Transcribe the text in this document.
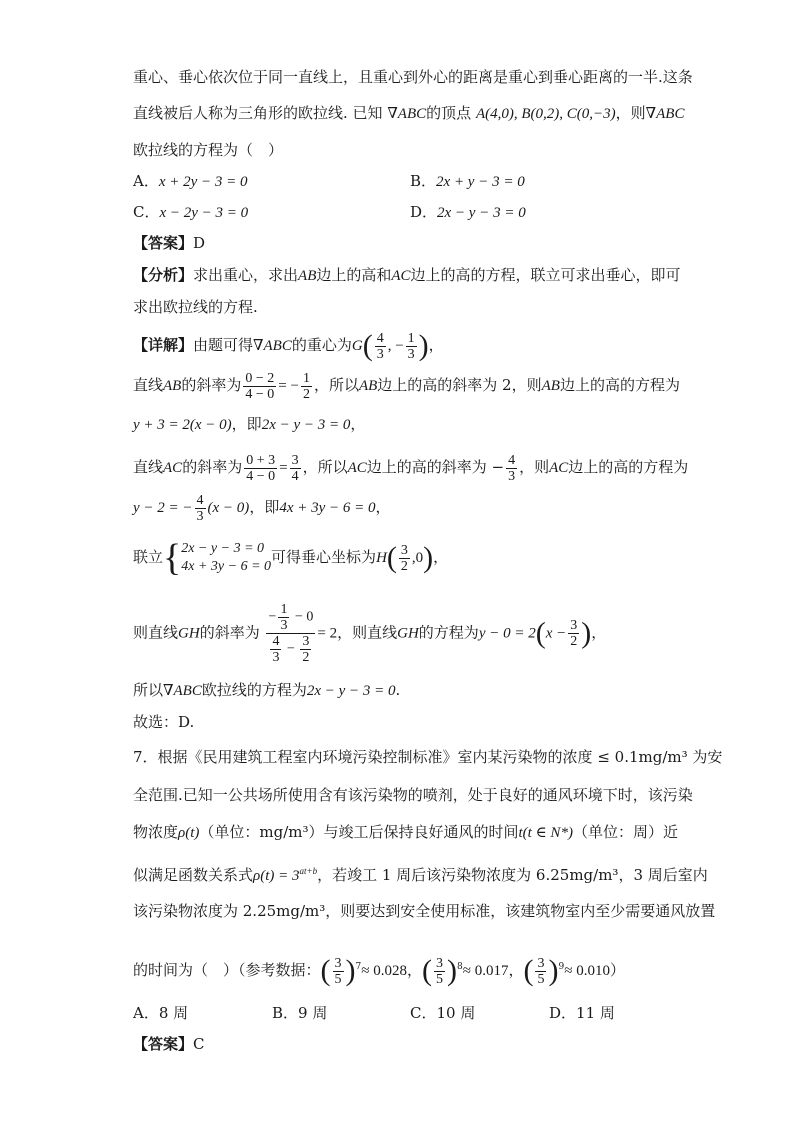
重心、垂心依次位于同一直线上，且重心到外心的距离是重心到垂心距离的一半.这条
直线被后人称为三角形的欧拉线. 已知 ∇ABC的顶点 A(4,0), B(0,2), C(0,−3)，则∇ABC
欧拉线的方程为（　）
A．x + 2y − 3 = 0	B．2x + y − 3 = 0
C．x − 2y − 3 = 0	D．2x − y − 3 = 0
【答案】D
【分析】求出重心，求出AB边上的高和AC边上的高的方程，联立可求出垂心，即可
求出欧拉线的方程.
【详解】由题可得∇ABC的重心为$G( \frac{4}{3}$ , − $\frac{1}{3}$ )，
直线AB的斜率为 $\frac{0 - 2}{4 - 0}$ = − $\frac{1}{2}$ ，所以AB边上的高的斜率为 2，则AB边上的高的方程为
y + 3 = 2(x − 0)，即2x − y − 3 = 0，
直线AC的斜率为 $\frac{0 + 3}{4 - 0} = \frac{3}{4}$ ，所以AC边上的高的斜率为 − $\frac{4}{3}$ ，则AC边上的高的方程为
y − 2 = − $\frac{4}{3} (x - 0)$，即4x + 3y − 6 = 0，
联立{ 2x − y − 3 = 0
4x + 3y − 6 = 0
可得垂心坐标为$H( \frac{3}{2} ,0)$，
则直线GH的斜率为 $\frac{- \frac{1}{3} - 0}{\frac{4}{3} - \frac{3}{2}} = 2$，则直线GH的方程为$y - 0 = 2(x - \frac{3}{2}$ )，
所以∇ABC欧拉线的方程为2x − y − 3 = 0.
故选：D.
7．根据《民用建筑工程室内环境污染控制标准》室内某污染物的浓度 ≤ 0.1mg/m³ 为安
全范围.已知一公共场所使用含有该污染物的喷剂，处于良好的通风环境下时，该污染
物浓度ρ(t)（单位：mg/m³）与竣工后保持良好通风的时间t(t ∈ N*)（单位：周）近
似满足函数关系式$\rho(t) = 3^{at+b}$，若竣工 1 周后该污染物浓度为 6.25mg/m³，3 周后室内
该污染物浓度为 2.25mg/m³，则要达到安全使用标准，该建筑物室内至少需要通风放置
的时间为（　）（参考数据：( $\frac{3}{5} )^7\approx 0.028$，( $\frac{3}{5} )^8\approx 0.017$，( $\frac{3}{5} )^9\approx 0.010$）
A．8 周	B．9 周	C．10 周	D．11 周
【答案】C
